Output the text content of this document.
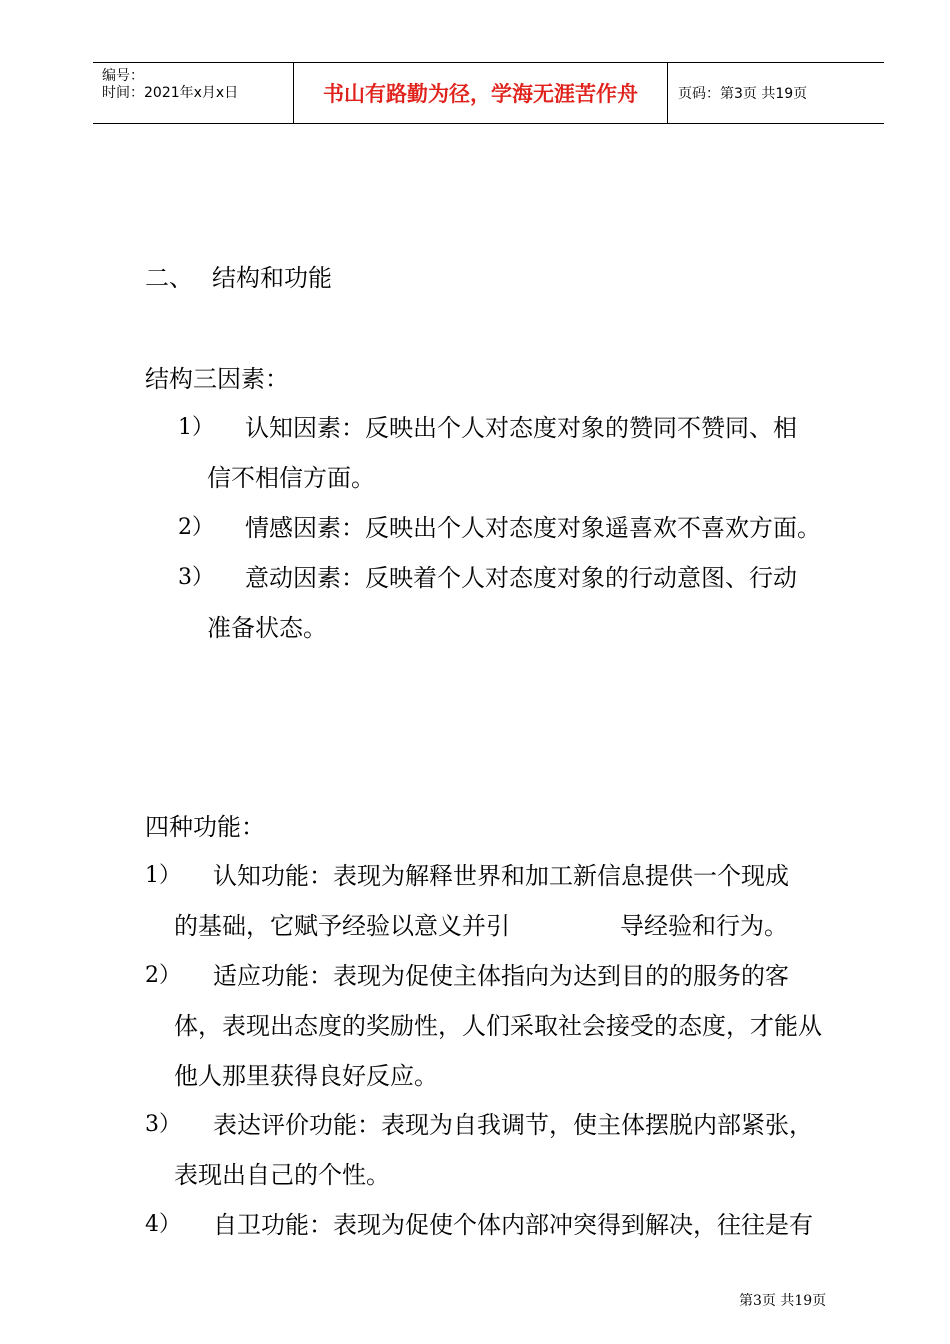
编号：
时间：2021年x月x日	书山有路勤为径，学海无涯苦作舟	页码：第3页 共19页
二、 结构和功能
结构三因素：
1） 认知因素：反映出个人对态度对象的赞同不赞同、相
信不相信方面。
2） 情感因素：反映出个人对态度对象遥喜欢不喜欢方面。
3） 意动因素：反映着个人对态度对象的行动意图、行动
准备状态。
四种功能：
1） 认知功能：表现为解释世界和加工新信息提供一个现成
的基础，它赋予经验以意义并引	导经验和行为。
2） 适应功能：表现为促使主体指向为达到目的的服务的客
体，表现出态度的奖励性，人们采取社会接受的态度，才能从
他人那里获得良好反应。
3） 表达评价功能：表现为自我调节，使主体摆脱内部紧张，
表现出自己的个性。
4） 自卫功能：表现为促使个体内部冲突得到解决，往往是有
第3页 共19页
